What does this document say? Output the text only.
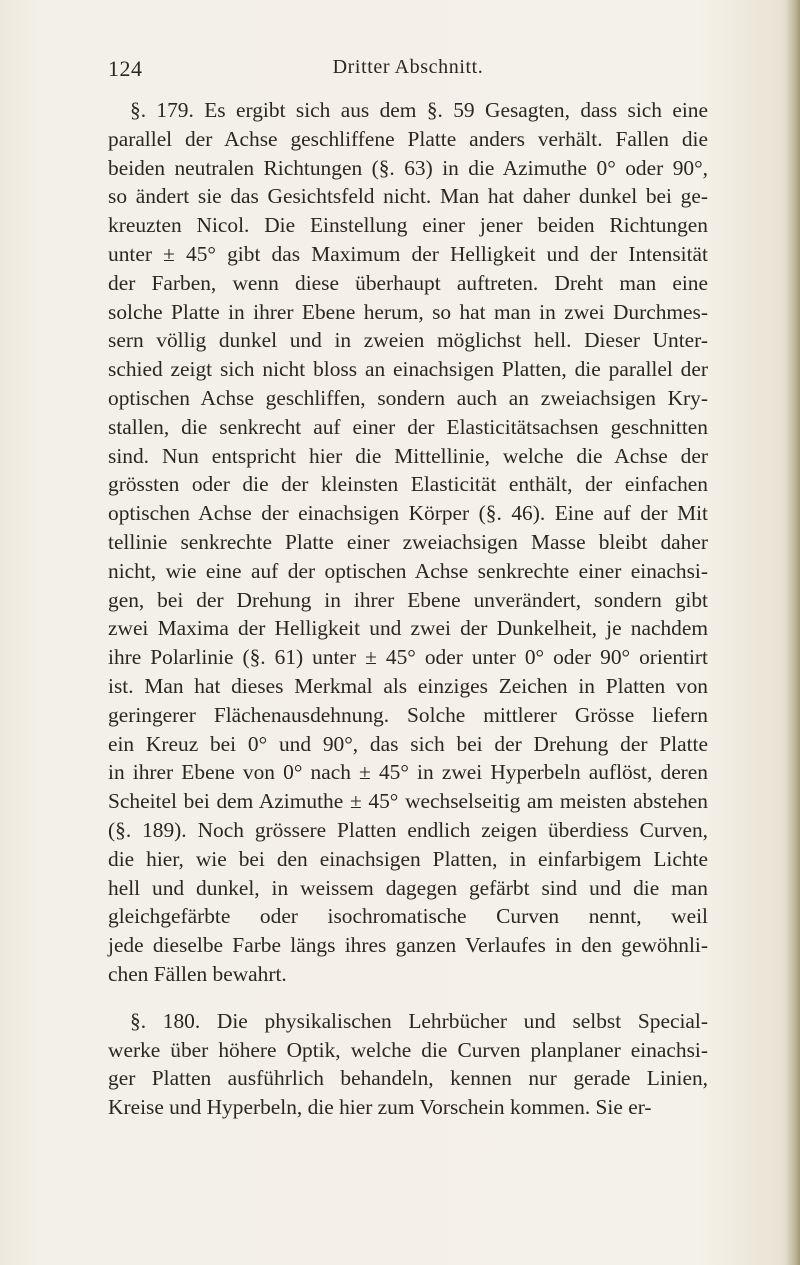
124	Dritter Abschnitt.
§. 179. Es ergibt sich aus dem §. 59 Gesagten, dass sich eine
parallel der Achse geschliffene Platte anders verhält. Fallen die
beiden neutralen Richtungen (§. 63) in die Azimuthe 0° oder 90°,
so ändert sie das Gesichtsfeld nicht. Man hat daher dunkel bei ge-
kreuzten Nicol. Die Einstellung einer jener beiden Richtungen
unter ± 45° gibt das Maximum der Helligkeit und der Intensität
der Farben, wenn diese überhaupt auftreten. Dreht man eine
solche Platte in ihrer Ebene herum, so hat man in zwei Durchmes-
sern völlig dunkel und in zweien möglichst hell. Dieser Unter-
schied zeigt sich nicht bloss an einachsigen Platten, die parallel der
optischen Achse geschliffen, sondern auch an zweiachsigen Kry-
stallen, die senkrecht auf einer der Elasticitätsachsen geschnitten
sind. Nun entspricht hier die Mittellinie, welche die Achse der
grössten oder die der kleinsten Elasticität enthält, der einfachen
optischen Achse der einachsigen Körper (§. 46). Eine auf der Mit
tellinie senkrechte Platte einer zweiachsigen Masse bleibt daher
nicht, wie eine auf der optischen Achse senkrechte einer einachsi-
gen, bei der Drehung in ihrer Ebene unverändert, sondern gibt
zwei Maxima der Helligkeit und zwei der Dunkelheit, je nachdem
ihre Polarlinie (§. 61) unter ± 45° oder unter 0° oder 90° orientirt
ist. Man hat dieses Merkmal als einziges Zeichen in Platten von
geringerer Flächenausdehnung. Solche mittlerer Grösse liefern
ein Kreuz bei 0° und 90°, das sich bei der Drehung der Platte
in ihrer Ebene von 0° nach ± 45° in zwei Hyperbeln auflöst, deren
Scheitel bei dem Azimuthe ± 45° wechselseitig am meisten abstehen
(§. 189). Noch grössere Platten endlich zeigen überdiess Curven,
die hier, wie bei den einachsigen Platten, in einfarbigem Lichte
hell und dunkel, in weissem dagegen gefärbt sind und die man
gleichgefärbte oder isochromatische Curven nennt, weil
jede dieselbe Farbe längs ihres ganzen Verlaufes in den gewöhnli-
chen Fällen bewahrt.
§. 180. Die physikalischen Lehrbücher und selbst Special-
werke über höhere Optik, welche die Curven planplaner einachsi-
ger Platten ausführlich behandeln, kennen nur gerade Linien,
Kreise und Hyperbeln, die hier zum Vorschein kommen. Sie er-
